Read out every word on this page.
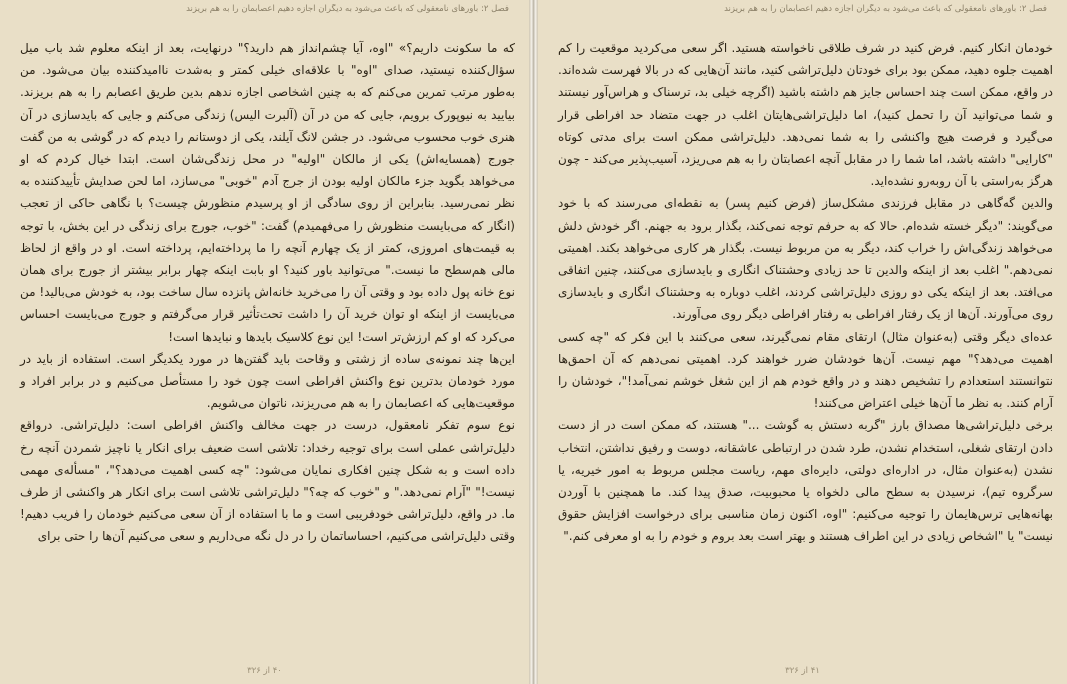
فصل ۲: باورهای نامعقولی که باعث می‌شود به دیگران اجازه دهیم اعصابمان را به هم بریزند

که ما سکونت داریم؟» "اوه، آیا چشم‌انداز هم دارید؟" درنهایت، بعد از اینکه معلوم شد باب میل سؤال‌کننده نیستید، صدای "اوه" با علاقه‌ای خیلی کمتر و به‌شدت ناامیدکننده بیان می‌شود. من به‌طور مرتب تمرین می‌کنم که به چنین اشخاصی اجازه ندهم بدین طریق اعصابم را به هم بریزند. بیایید به نیوپورک برویم، جایی که من در آن (آلبرت الیس) زندگی می‌کنم و جایی که بایدسازی در آن هنری خوب محسوب می‌شود. در جشن لانگ آیلند، یکی از دوستانم را دیدم که در گوشی به من گفت جورج (همسایه‌اش) یکی از مالکان "اولیه" در محل زندگی‌شان است. ابتدا خیال کردم که او می‌خواهد بگوید جزء مالکان اولیه بودن از جرج آدم "خوبی" می‌سازد، اما لحن صدایش تأییدکننده به نظر نمی‌رسید. بنابراین از روی سادگی از او پرسیدم منظورش چیست؟ با نگاهی حاکی از تعجب (انگار که می‌بایست منظورش را می‌فهمیدم) گفت: "خوب، جورج برای زندگی در این بخش، با توجه به قیمت‌های امروزی، کمتر از یک چهارم آنچه را ما پرداخته‌ایم، پرداخته است. او در واقع از لحاظ مالی هم‌سطح ما نیست." می‌توانید باور کنید؟ او بابت اینکه چهار برابر بیشتر از جورج برای همان نوع خانه پول داده بود و وقتی آن را می‌خرید خانه‌اش پانزده سال ساخت بود، به خودش می‌بالید! من می‌بایست از اینکه او توان خرید آن را داشت تحت‌تأثیر قرار می‌گرفتم و جورج می‌بایست احساس می‌کرد که او کم ارزش‌تر است! این نوع کلاسیک بایدها و نبایدها است!

این‌ها چند نمونه‌ی ساده از زشتی و وقاحت باید گفتن‌ها در مورد یکدیگر است. استفاده از باید در مورد خودمان بدترین نوع واکنش افراطی است چون خود را مستأصل می‌کنیم و در برابر افراد و موقعیت‌هایی که اعصابمان را به هم می‌ریزند، ناتوان می‌شویم.

نوع سوم تفکر نامعقول، درست در جهت مخالف واکنش افراطی است: دلیل‌تراشی. درواقع دلیل‌تراشی عملی است برای توجیه رخداد: تلاشی است ضعیف برای انکار یا ناچیز شمردن آنچه رخ داده است و به شکل چنین افکاری نمایان می‌شود: "چه کسی اهمیت می‌دهد؟"، "مسأله‌ی مهمی نیست!" "آرام نمی‌دهد." و "خوب که چه؟" دلیل‌تراشی تلاشی است برای انکار هر واکنشی از طرف ما. در واقع، دلیل‌تراشی خودفریبی است و ما با استفاده از آن سعی می‌کنیم خودمان را فریب دهیم! وقتی دلیل‌تراشی می‌کنیم، احساساتمان را در دل نگه می‌داریم و سعی می‌کنیم آن‌ها را حتی برای

۴۰ از ۳۲۶
فصل ۲: باورهای نامعقولی که باعث می‌شود به دیگران اجازه دهیم اعصابمان را به هم بریزند

خودمان انکار کنیم. فرض کنید در شرف طلاقی ناخواسته هستید. اگر سعی می‌کردید موقعیت را کم اهمیت جلوه دهید، ممکن بود برای خودتان دلیل‌تراشی کنید، مانند آن‌هایی که در بالا فهرست شده‌اند. در واقع، ممکن است چند احساس جایز هم داشته باشید (اگرچه خیلی بد، ترسناک و هراس‌آور نیستند و شما می‌توانید آن را تحمل کنید)، اما دلیل‌تراشی‌هایتان اغلب در جهت متضاد حد افراطی قرار می‌گیرد و فرصت هیچ واکنشی را به شما نمی‌دهد. دلیل‌تراشی ممکن است برای مدتی کوتاه "کارایی" داشته باشد، اما شما را در مقابل آنچه اعصابتان را به هم می‌ریزد، آسیب‌پذیر می‌کند - چون هرگز به‌راستی با آن روبه‌رو نشده‌اید.

والدین گه‌گاهی در مقابل فرزندی مشکل‌ساز (فرض کنیم پسر) به نقطه‌ای می‌رسند که با خود می‌گویند: "دیگر خسته شده‌ام. حالا که به حرفم توجه نمی‌کند، بگذار برود به جهنم. اگر خودش دلش می‌خواهد زندگی‌اش را خراب کند، دیگر به من مربوط نیست. بگذار هر کاری می‌خواهد بکند. اهمیتی نمی‌دهم." اغلب بعد از اینکه والدین تا حد زیادی وحشتناک انگاری و بایدسازی می‌کنند، چنین اتفاقی می‌افتد. بعد از اینکه یکی دو روزی دلیل‌تراشی کردند، اغلب دوباره به وحشتناک انگاری و بایدسازی روی می‌آورند. آن‌ها از یک رفتار افراطی به رفتار افراطی دیگر روی می‌آورند.

عده‌ای دیگر وقتی (به‌عنوان مثال) ارتقای مقام نمی‌گیرند، سعی می‌کنند با این فکر که "چه کسی اهمیت می‌دهد؟" مهم نیست. آن‌ها خودشان ضرر خواهند کرد. اهمیتی نمی‌دهم که آن احمق‌ها نتوانستند استعدادم را تشخیص دهند و در واقع خودم هم از این شغل خوشم نمی‌آمد!"، خودشان را آرام کنند. به نظر ما آن‌ها خیلی اعتراض می‌کنند!

برخی دلیل‌تراشی‌ها مصداق بارز "گربه دستش به گوشت ..." هستند، که ممکن است در از دست دادن ارتقای شغلی، استخدام نشدن، طرد شدن در ارتباطی عاشقانه، دوست و رفیق نداشتن، انتخاب نشدن (به‌عنوان مثال، در اداره‌ای دولتی، دایره‌ای مهم، ریاست مجلس مربوط به امور خیریه، یا سرگروه تیم)، نرسیدن به سطح مالی دلخواه یا محبوبیت، صدق پیدا کند. ما همچنین با آوردن بهانه‌هایی ترس‌هایمان را توجیه می‌کنیم: "اوه، اکنون زمان مناسبی برای درخواست افزایش حقوق نیست" یا "اشخاص زیادی در این اطراف هستند و بهتر است بعد بروم و خودم را به او معرفی کنم."

۴۱ از ۳۲۶
